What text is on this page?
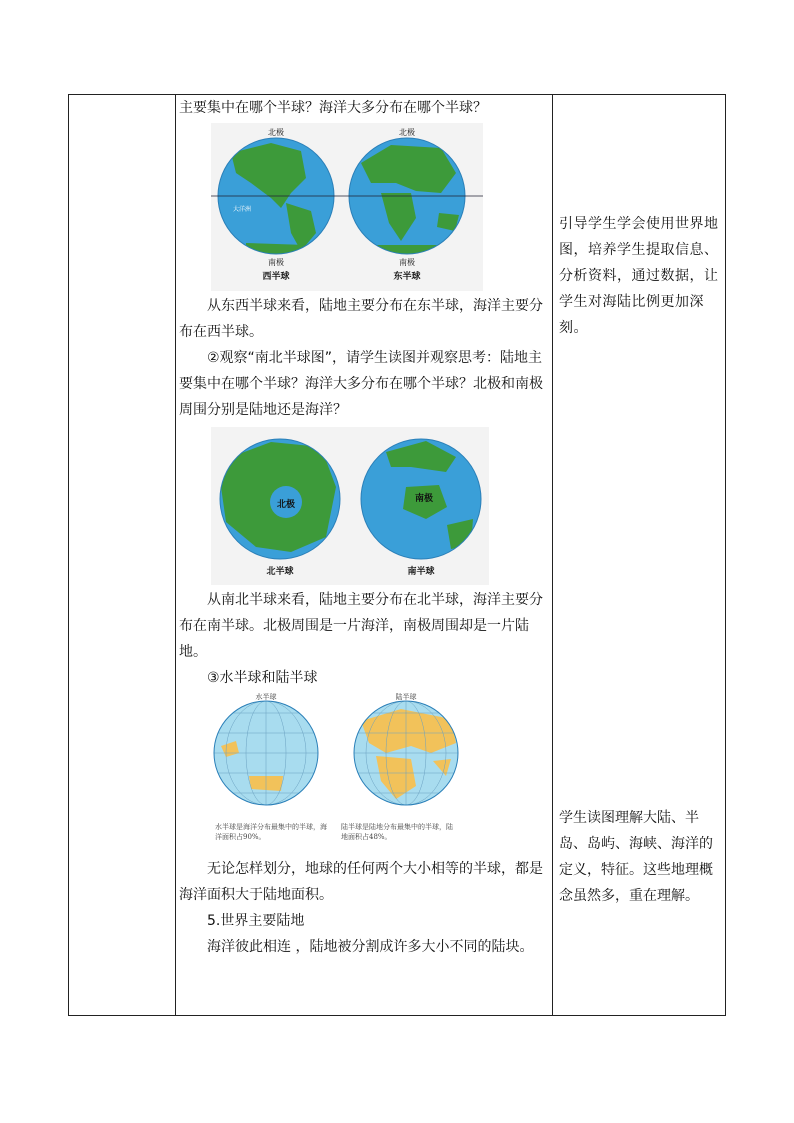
主要集中在哪个半球？海洋大多分布在哪个半球？

北极	北极
大洋洲
南极	南极
西半球	东半球

从东西半球来看，陆地主要分布在东半球，海洋主要分布在西半球。

②观察“南北半球图”，请学生读图并观察思考：陆地主要集中在哪个半球？海洋大多分布在哪个半球？北极和南极周围分别是陆地还是海洋？

北极
南极
北半球	南半球

从南北半球来看，陆地主要分布在北半球，海洋主要分布在南半球。北极周围是一片海洋，南极周围却是一片陆地。

③水半球和陆半球

水半球	陆半球
水半球是海洋分布最集中的半球，海洋面积占90%。
陆半球是陆地分布最集中的半球，陆地面积占48%。

无论怎样划分，地球的任何两个大小相等的半球，都是海洋面积大于陆地面积。

5.世界主要陆地

海洋彼此相连 ，陆地被分割成许多大小不同的陆块。

引导学生学会使用世界地图，培养学生提取信息、分析资料，通过数据，让学生对海陆比例更加深刻。
学生读图理解大陆、半岛、岛屿、海峡、海洋的定义，特征。这些地理概念虽然多，重在理解。
